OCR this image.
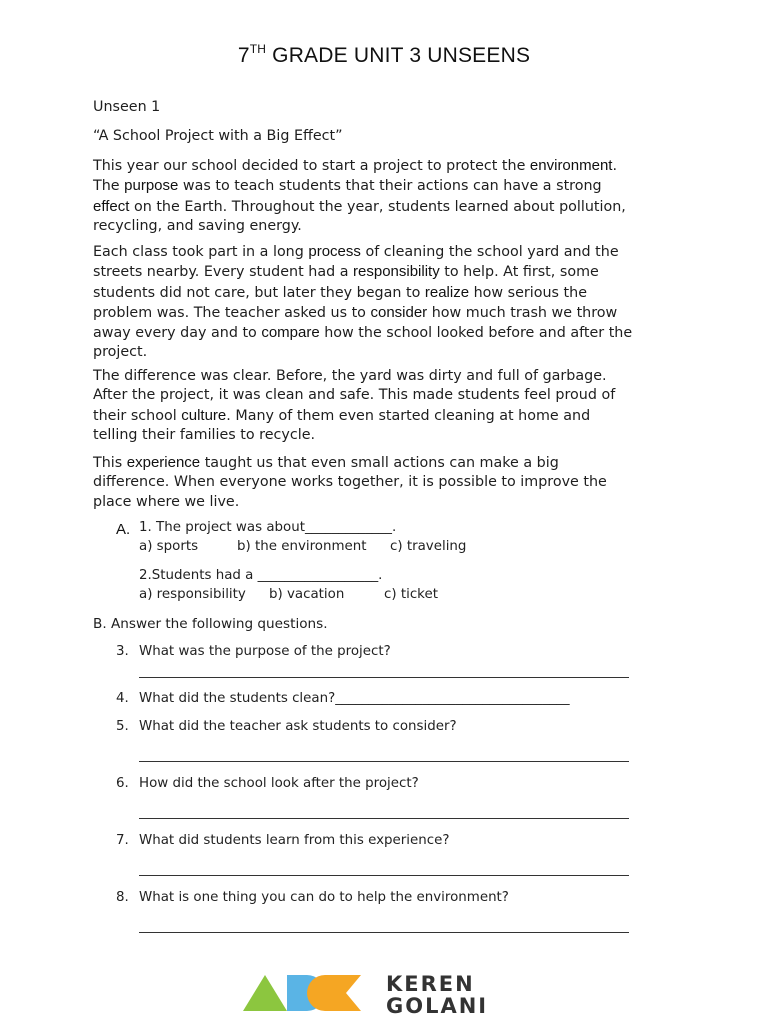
7TH GRADE UNIT 3 UNSEENS
Unseen 1
“A School Project with a Big Effect”
This year our school decided to start a project to protect the environment.
The purpose was to teach students that their actions can have a strong
effect on the Earth. Throughout the year, students learned about pollution,
recycling, and saving energy.
Each class took part in a long process of cleaning the school yard and the
streets nearby. Every student had a responsibility to help. At first, some
students did not care, but later they began to realize how serious the
problem was. The teacher asked us to consider how much trash we throw
away every day and to compare how the school looked before and after the
project.
The difference was clear. Before, the yard was dirty and full of garbage.
After the project, it was clean and safe. This made students feel proud of
their school culture. Many of them even started cleaning at home and
telling their families to recycle.
This experience taught us that even small actions can make a big
difference. When everyone works together, it is possible to improve the
place where we live.
A. 1. The project was about_____________.
a) sports	b) the environment c) traveling
2.Students had a __________________.
a) responsibility b) vacation	c) ticket
B. Answer the following questions.
3. What was the purpose of the project?
4. What did the students clean?___________________________________
5. What did the teacher ask students to consider?
6. How did the school look after the project?
7. What did students learn from this experience?
8. What is one thing you can do to help the environment?
KEREN
GOLANI
